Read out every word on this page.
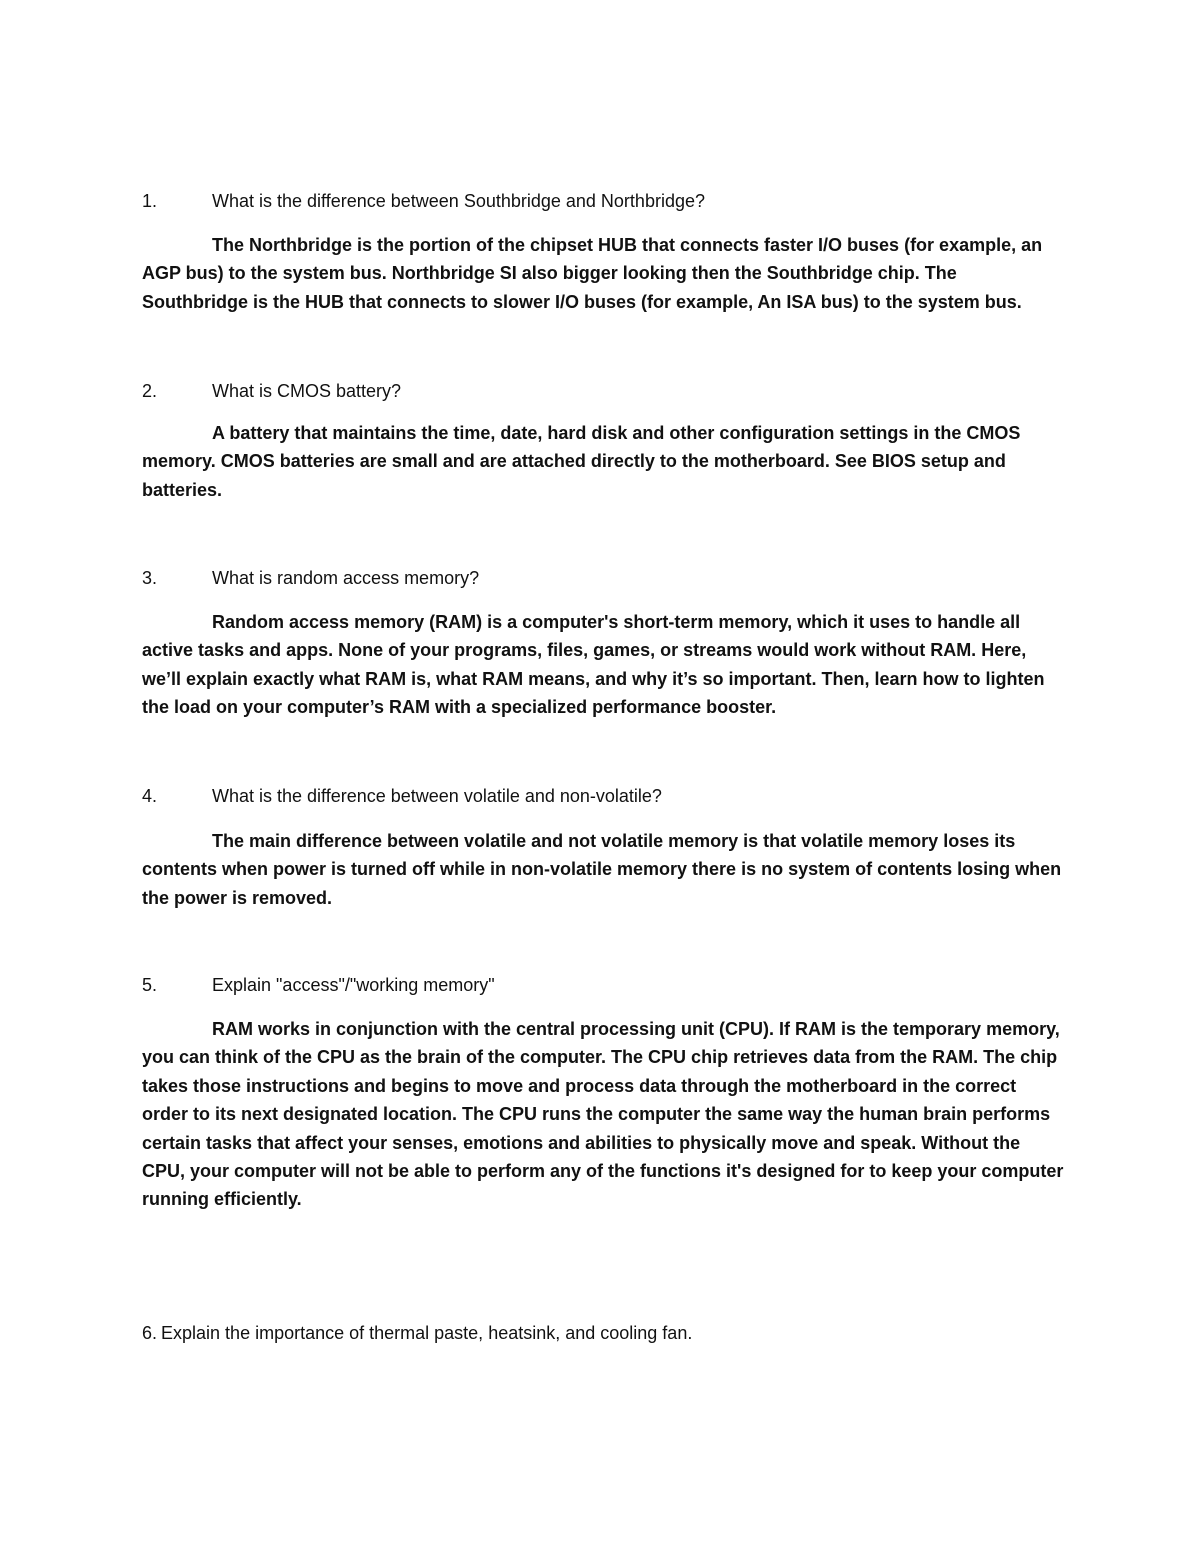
1.	What is the difference between Southbridge and Northbridge?
The Northbridge is the portion of the chipset HUB that connects faster I/O buses (for example, an AGP bus) to the system bus. Northbridge SI also bigger looking then the Southbridge chip. The Southbridge is the HUB that connects to slower I/O buses (for example, An ISA bus) to the system bus.
2.	What is CMOS battery?
A battery that maintains the time, date, hard disk and other configuration settings in the CMOS memory. CMOS batteries are small and are attached directly to the motherboard. See BIOS setup and batteries.
3.	What is random access memory?
Random access memory (RAM) is a computer's short-term memory, which it uses to handle all active tasks and apps. None of your programs, files, games, or streams would work without RAM. Here, we’ll explain exactly what RAM is, what RAM means, and why it’s so important. Then, learn how to lighten the load on your computer’s RAM with a specialized performance booster.
4.	What is the difference between volatile and non-volatile?
The main difference between volatile and not volatile memory is that volatile memory loses its contents when power is turned off while in non-volatile memory there is no system of contents losing when the power is removed.
5.	Explain "access"/"working memory"
RAM works in conjunction with the central processing unit (CPU). If RAM is the temporary memory, you can think of the CPU as the brain of the computer. The CPU chip retrieves data from the RAM. The chip takes those instructions and begins to move and process data through the motherboard in the correct order to its next designated location. The CPU runs the computer the same way the human brain performs certain tasks that affect your senses, emotions and abilities to physically move and speak. Without the CPU, your computer will not be able to perform any of the functions it's designed for to keep your computer running efficiently.
6. Explain the importance of thermal paste, heatsink, and cooling fan.
